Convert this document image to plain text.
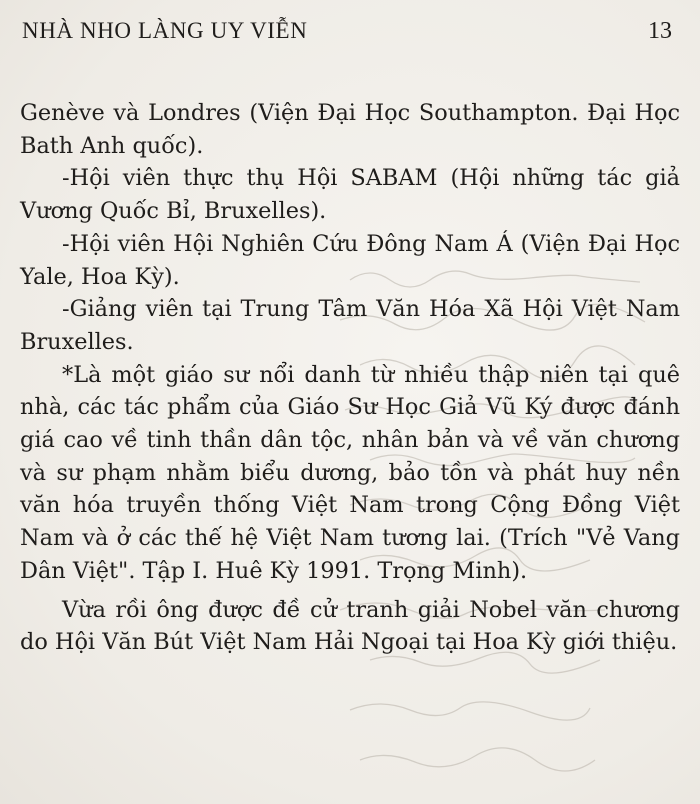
NHÀ NHO LÀNG UY VIỄN	13

Genève và Londres (Viện Đại Học Southampton. Đại Học Bath Anh quốc).

-Hội viên thực thụ Hội SABAM (Hội những tác giả Vương Quốc Bỉ, Bruxelles).

-Hội viên Hội Nghiên Cứu Đông Nam Á (Viện Đại Học Yale, Hoa Kỳ).

-Giảng viên tại Trung Tâm Văn Hóa Xã Hội Việt Nam Bruxelles.

*Là một giáo sư nổi danh từ nhiều thập niên tại quê nhà, các tác phẩm của Giáo Sư Học Giả Vũ Ký được đánh giá cao về tinh thần dân tộc, nhân bản và về văn chương và sư phạm nhằm biểu dương, bảo tồn và phát huy nền văn hóa truyền thống Việt Nam trong Cộng Đồng Việt Nam và ở các thế hệ Việt Nam tương lai. (Trích "Vẻ Vang Dân Việt". Tập I. Huê Kỳ 1991. Trọng Minh).

Vừa rồi ông được đề cử tranh giải Nobel văn chương do Hội Văn Bút Việt Nam Hải Ngoại tại Hoa Kỳ giới thiệu.
